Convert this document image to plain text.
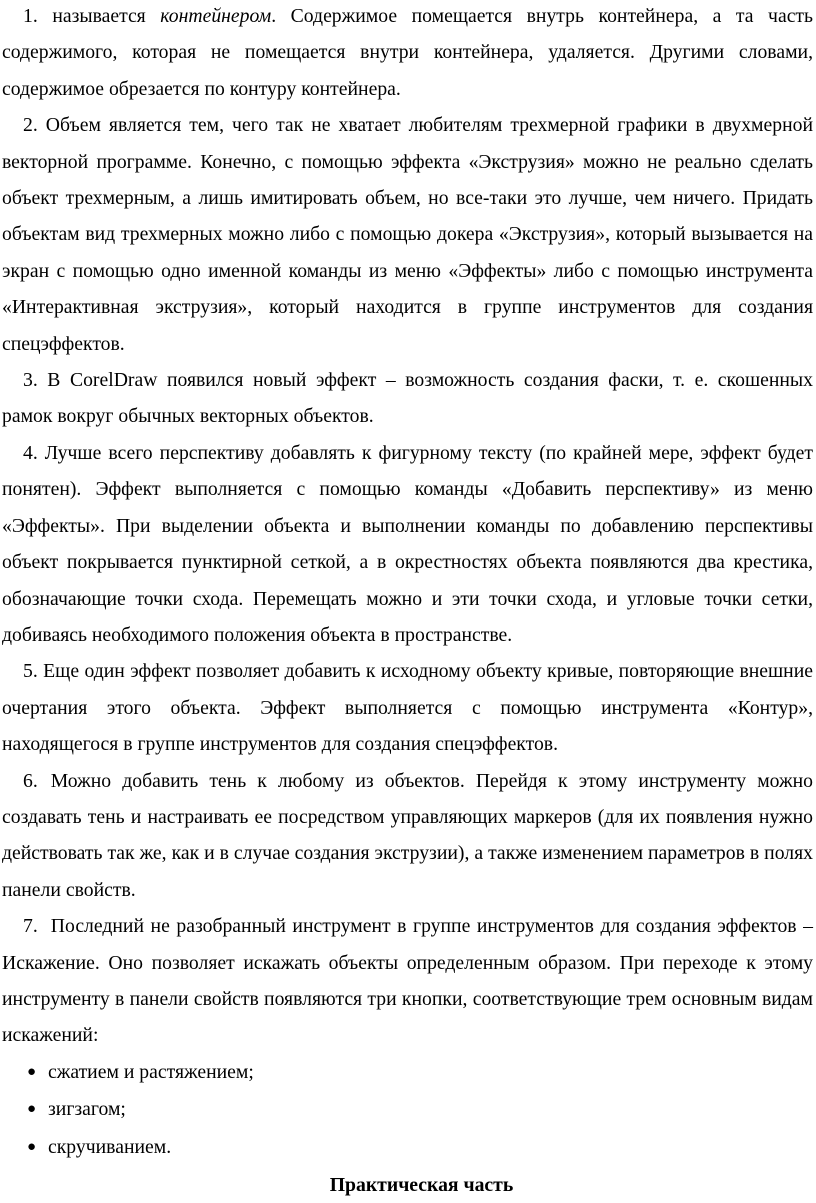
1. называется контейнером. Содержимое помещается внутрь контейнера, а та часть содержимого, которая не помещается внутри контейнера, удаляется. Другими словами, содержимое обрезается по контуру контейнера.

2. Объем является тем, чего так не хватает любителям трехмерной графики в двухмерной векторной программе. Конечно, с помощью эффекта «Экструзия» можно не реально сделать объект трехмерным, а лишь имитировать объем, но все-таки это лучше, чем ничего. Придать объектам вид трехмерных можно либо с помощью докера «Экструзия», который вызывается на экран с помощью одно именной команды из меню «Эффекты» либо с помощью инструмента «Интерактивная экструзия», который находится в группе инструментов для создания спецэффектов.

3. В CorelDraw появился новый эффект – возможность создания фаски, т. е. скошенных рамок вокруг обычных векторных объектов.

4. Лучше всего перспективу добавлять к фигурному тексту (по крайней мере, эффект будет понятен). Эффект выполняется с помощью команды «Добавить перспективу» из меню «Эффекты». При выделении объекта и выполнении команды по добавлению перспективы объект покрывается пунктирной сеткой, а в окрестностях объекта появляются два крестика, обозначающие точки схода. Перемещать можно и эти точки схода, и угловые точки сетки, добиваясь необходимого положения объекта в пространстве.

5. Еще один эффект позволяет добавить к исходному объекту кривые, повторяющие внешние очертания этого объекта. Эффект выполняется с помощью инструмента «Контур», находящегося в группе инструментов для создания спецэффектов.

6. Можно добавить тень к любому из объектов. Перейдя к этому инструменту можно создавать тень и настраивать ее посредством управляющих маркеров (для их появления нужно действовать так же, как и в случае создания экструзии), а также изменением параметров в полях панели свойств.

7. Последний не разобранный инструмент в группе инструментов для создания эффектов – Искажение. Оно позволяет искажать объекты определенным образом. При переходе к этому инструменту в панели свойств появляются три кнопки, соответствующие трем основным видам искажений:

● сжатием и растяжением;
● зигзагом;
● скручиванием.
Практическая часть
